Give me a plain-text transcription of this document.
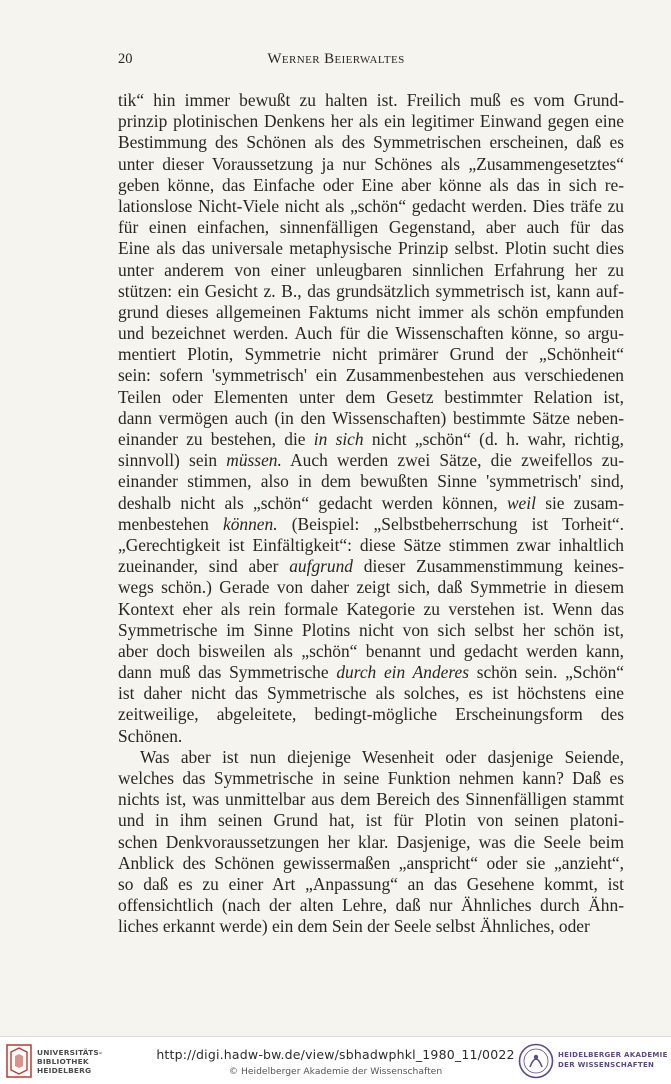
20	Werner Beierwaltes
tik“ hin immer bewußt zu halten ist. Freilich muß es vom Grund-
prinzip plotinischen Denkens her als ein legitimer Einwand gegen eine
Bestimmung des Schönen als des Symmetrischen erscheinen, daß es
unter dieser Voraussetzung ja nur Schönes als „Zusammengesetztes“
geben könne, das Einfache oder Eine aber könne als das in sich re-
lationslose Nicht-Viele nicht als „schön“ gedacht werden. Dies träfe zu
für einen einfachen, sinnenfälligen Gegenstand, aber auch für das
Eine als das universale metaphysische Prinzip selbst. Plotin sucht dies
unter anderem von einer unleugbaren sinnlichen Erfahrung her zu
stützen: ein Gesicht z. B., das grundsätzlich symmetrisch ist, kann auf-
grund dieses allgemeinen Faktums nicht immer als schön empfunden
und bezeichnet werden. Auch für die Wissenschaften könne, so argu-
mentiert Plotin, Symmetrie nicht primärer Grund der „Schönheit“
sein: sofern 'symmetrisch' ein Zusammenbestehen aus verschiedenen
Teilen oder Elementen unter dem Gesetz bestimmter Relation ist,
dann vermögen auch (in den Wissenschaften) bestimmte Sätze neben-
einander zu bestehen, die in sich nicht „schön“ (d. h. wahr, richtig,
sinnvoll) sein müssen. Auch werden zwei Sätze, die zweifellos zu-
einander stimmen, also in dem bewußten Sinne 'symmetrisch' sind,
deshalb nicht als „schön“ gedacht werden können, weil sie zusam-
menbestehen können. (Beispiel: „Selbstbeherrschung ist Torheit“.
„Gerechtigkeit ist Einfältigkeit“: diese Sätze stimmen zwar inhaltlich
zueinander, sind aber aufgrund dieser Zusammenstimmung keines-
wegs schön.) Gerade von daher zeigt sich, daß Symmetrie in diesem
Kontext eher als rein formale Kategorie zu verstehen ist. Wenn das
Symmetrische im Sinne Plotins nicht von sich selbst her schön ist,
aber doch bisweilen als „schön“ benannt und gedacht werden kann,
dann muß das Symmetrische durch ein Anderes schön sein. „Schön“
ist daher nicht das Symmetrische als solches, es ist höchstens eine
zeitweilige, abgeleitete, bedingt-mögliche Erscheinungsform des
Schönen.
Was aber ist nun diejenige Wesenheit oder dasjenige Seiende,
welches das Symmetrische in seine Funktion nehmen kann? Daß es
nichts ist, was unmittelbar aus dem Bereich des Sinnenfälligen stammt
und in ihm seinen Grund hat, ist für Plotin von seinen platoni-
schen Denkvoraussetzungen her klar. Dasjenige, was die Seele beim
Anblick des Schönen gewissermaßen „anspricht“ oder sie „anzieht“,
so daß es zu einer Art „Anpassung“ an das Gesehene kommt, ist
offensichtlich (nach der alten Lehre, daß nur Ähnliches durch Ähn-
liches erkannt werde) ein dem Sein der Seele selbst Ähnliches, oder
UNIVERSITÄTS-
BIBLIOTHEK
HEIDELBERG
http://digi.hadw-bw.de/view/sbhadwphkl_1980_11/0022
© Heidelberger Akademie der Wissenschaften
HEIDELBERGER AKADEMIE
DER WISSENSCHAFTEN
